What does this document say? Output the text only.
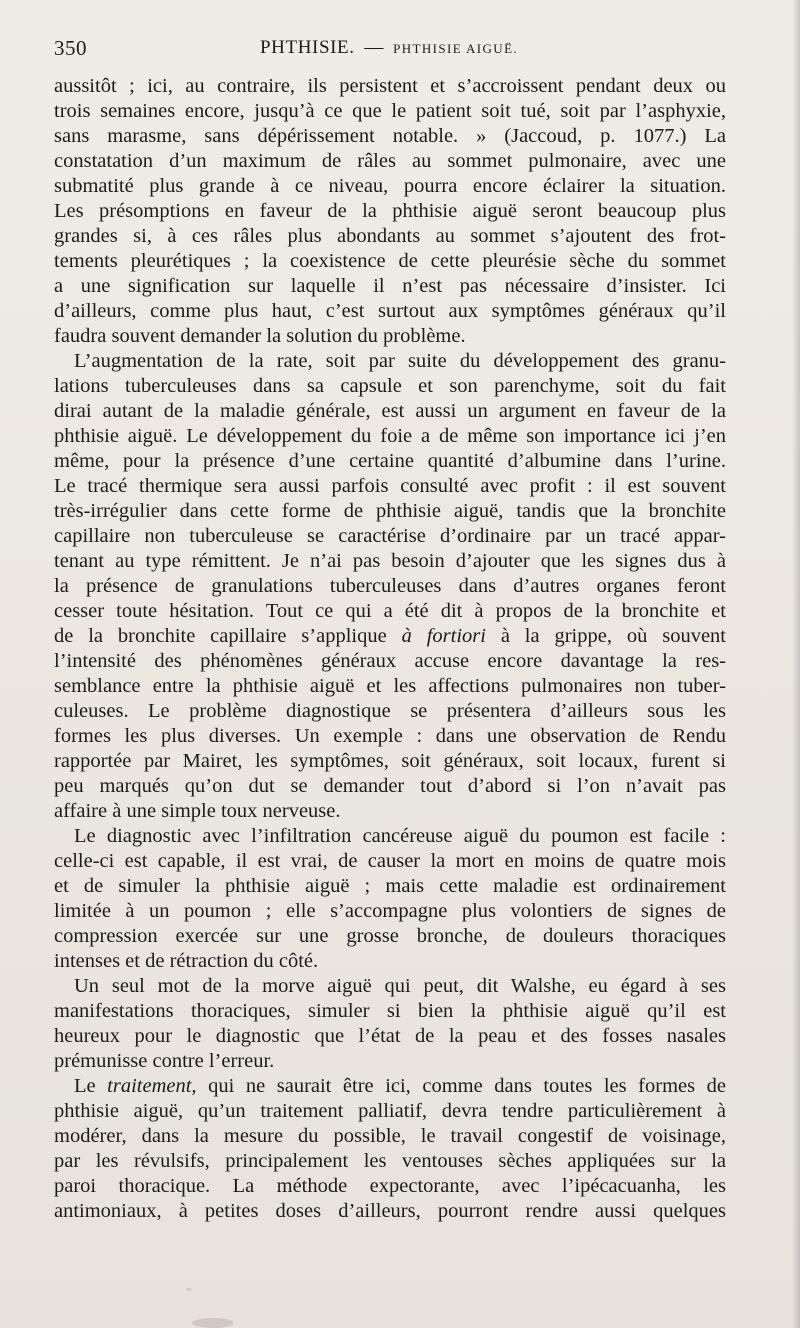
350	PHTHISIE. — PHTHISIE AIGUË.
aussitôt ; ici, au contraire, ils persistent et s’accroissent pendant deux ou
trois semaines encore, jusqu’à ce que le patient soit tué, soit par l’asphyxie,
sans marasme, sans dépérissement notable. » (Jaccoud, p. 1077.) La
constatation d’un maximum de râles au sommet pulmonaire, avec une
submatité plus grande à ce niveau, pourra encore éclairer la situation.
Les présomptions en faveur de la phthisie aiguë seront beaucoup plus
grandes si, à ces râles plus abondants au sommet s’ajoutent des frot-
tements pleurétiques ; la coexistence de cette pleurésie sèche du sommet
a une signification sur laquelle il n’est pas nécessaire d’insister. Ici
d’ailleurs, comme plus haut, c’est surtout aux symptômes généraux qu’il
faudra souvent demander la solution du problème.
L’augmentation de la rate, soit par suite du développement des granu-
lations tuberculeuses dans sa capsule et son parenchyme, soit du fait
dirai autant de la maladie générale, est aussi un argument en faveur de la
phthisie aiguë. Le développement du foie a de même son importance ici j’en
même, pour la présence d’une certaine quantité d’albumine dans l’urine.
Le tracé thermique sera aussi parfois consulté avec profit : il est souvent
très-irrégulier dans cette forme de phthisie aiguë, tandis que la bronchite
capillaire non tuberculeuse se caractérise d’ordinaire par un tracé appar-
tenant au type rémittent. Je n’ai pas besoin d’ajouter que les signes dus à
la présence de granulations tuberculeuses dans d’autres organes feront
cesser toute hésitation. Tout ce qui a été dit à propos de la bronchite et
de la bronchite capillaire s’applique à fortiori à la grippe, où souvent
l’intensité des phénomènes généraux accuse encore davantage la res-
semblance entre la phthisie aiguë et les affections pulmonaires non tuber-
culeuses. Le problème diagnostique se présentera d’ailleurs sous les
formes les plus diverses. Un exemple : dans une observation de Rendu
rapportée par Mairet, les symptômes, soit généraux, soit locaux, furent si
peu marqués qu’on dut se demander tout d’abord si l’on n’avait pas
affaire à une simple toux nerveuse.
Le diagnostic avec l’infiltration cancéreuse aiguë du poumon est facile :
celle-ci est capable, il est vrai, de causer la mort en moins de quatre mois
et de simuler la phthisie aiguë ; mais cette maladie est ordinairement
limitée à un poumon ; elle s’accompagne plus volontiers de signes de
compression exercée sur une grosse bronche, de douleurs thoraciques
intenses et de rétraction du côté.
Un seul mot de la morve aiguë qui peut, dit Walshe, eu égard à ses
manifestations thoraciques, simuler si bien la phthisie aiguë qu’il est
heureux pour le diagnostic que l’état de la peau et des fosses nasales
prémunisse contre l’erreur.
Le traitement, qui ne saurait être ici, comme dans toutes les formes de
phthisie aiguë, qu’un traitement palliatif, devra tendre particulièrement à
modérer, dans la mesure du possible, le travail congestif de voisinage,
par les révulsifs, principalement les ventouses sèches appliquées sur la
paroi thoracique. La méthode expectorante, avec l’ipécacuanha, les
antimoniaux, à petites doses d’ailleurs, pourront rendre aussi quelques
